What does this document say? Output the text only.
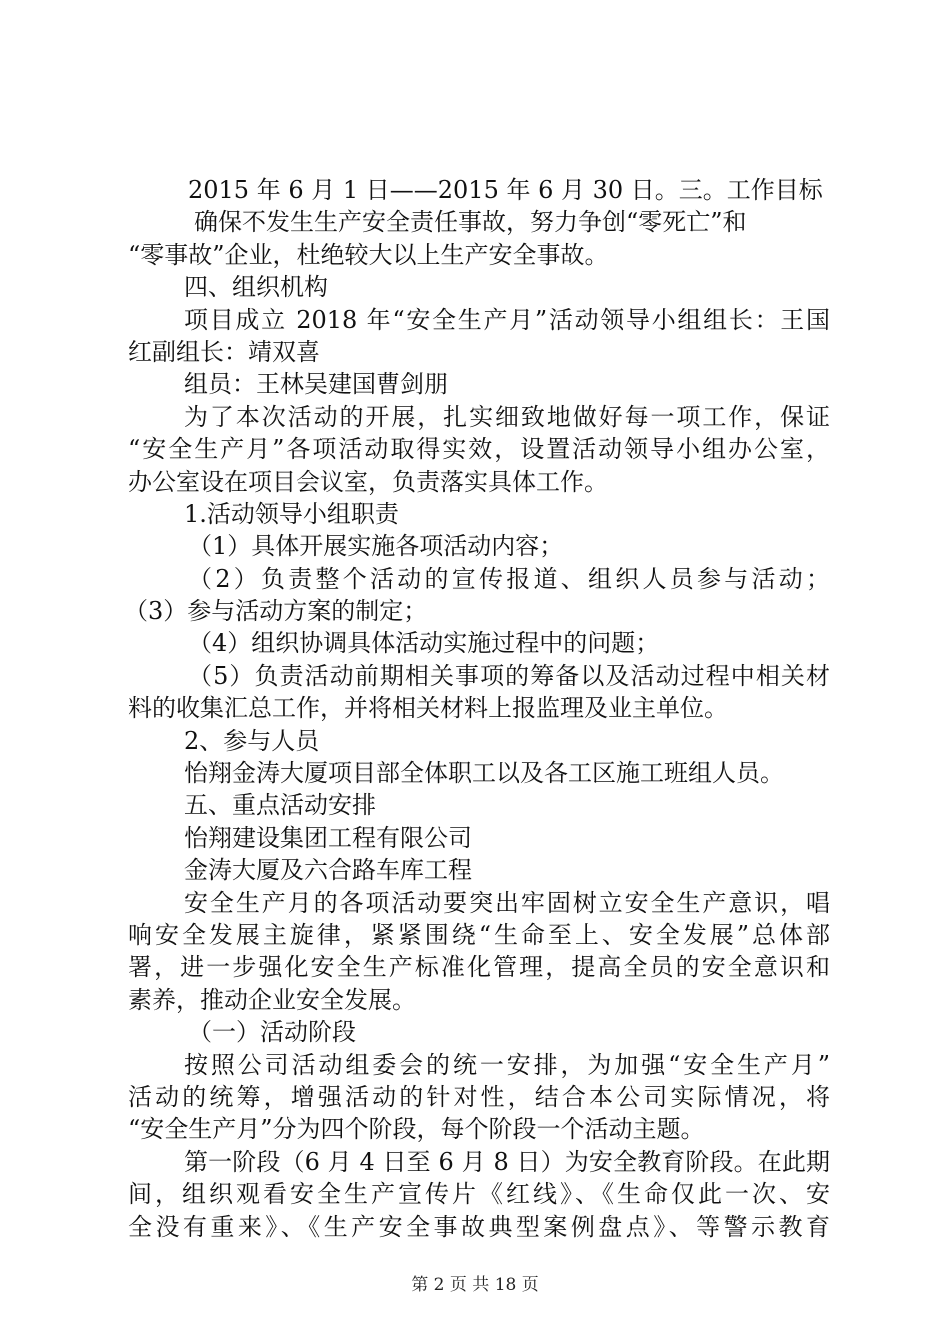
2015 年 6 月 1 日——2015 年 6 月 30 日。三。工作目标
确保不发生生产安全责任事故，努力争创“零死亡”和
“零事故”企业，杜绝较大以上生产安全事故。
四、组织机构
项目成立 2018 年“安全生产月”活动领导小组组长：王国
红副组长：靖双喜
组员：王林吴建国曹剑朋
为了本次活动的开展，扎实细致地做好每一项工作，保证
“安全生产月”各项活动取得实效，设置活动领导小组办公室，
办公室设在项目会议室，负责落实具体工作。
1.活动领导小组职责
（1）具体开展实施各项活动内容；
（2）负责整个活动的宣传报道、组织人员参与活动；
（3）参与活动方案的制定；
（4）组织协调具体活动实施过程中的问题；
（5）负责活动前期相关事项的筹备以及活动过程中相关材
料的收集汇总工作，并将相关材料上报监理及业主单位。
2、参与人员
怡翔金涛大厦项目部全体职工以及各工区施工班组人员。
五、重点活动安排
怡翔建设集团工程有限公司
金涛大厦及六合路车库工程
安全生产月的各项活动要突出牢固树立安全生产意识，唱
响安全发展主旋律，紧紧围绕“生命至上、安全发展”总体部
署，进一步强化安全生产标准化管理，提高全员的安全意识和
素养，推动企业安全发展。
（一）活动阶段
按照公司活动组委会的统一安排，为加强“安全生产月”
活动的统筹，增强活动的针对性，结合本公司实际情况，将
“安全生产月”分为四个阶段，每个阶段一个活动主题。
第一阶段（6 月 4 日至 6 月 8 日）为安全教育阶段。在此期
间，组织观看安全生产宣传片《红线》、《生命仅此一次、安
全没有重来》、《生产安全事故典型案例盘点》、等警示教育
第 2 页 共 18 页
